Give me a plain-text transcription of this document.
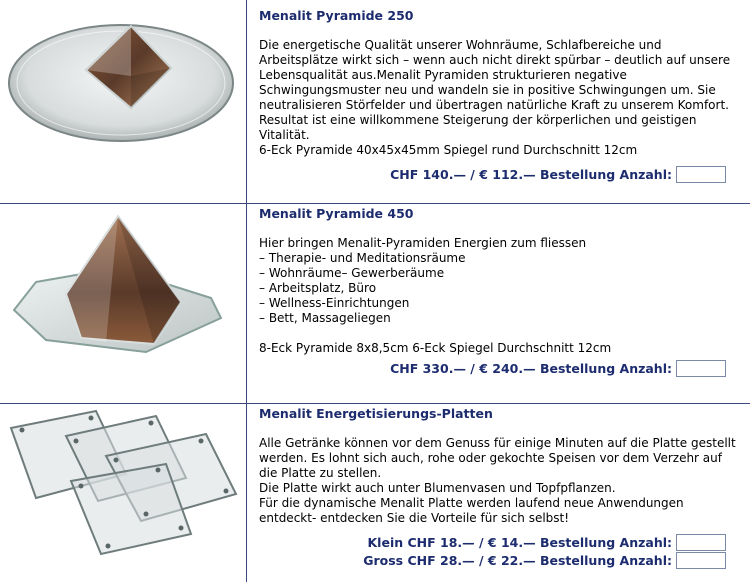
Menalit Pyramide 250

Die energetische Qualität unserer Wohnräume, Schlafbereiche und Arbeitsplätze wirkt sich – wenn auch nicht direkt spürbar – deutlich auf unsere Lebensqualität aus.Menalit Pyramiden strukturieren negative Schwingungsmuster neu und wandeln sie in positive Schwingungen um. Sie neutralisieren Störfelder und übertragen natürliche Kraft zu unserem Komfort. Resultat ist eine willkommene Steigerung der körperlichen und geistigen Vitalität.

6-Eck Pyramide 40x45x45mm Spiegel rund Durchschnitt 12cm

CHF 140.— / € 112.— Bestellung Anzahl:
Menalit Pyramide 450

Hier bringen Menalit-Pyramiden Energien zum fliessen

– Therapie- und Meditationsräume

– Wohnräume– Gewerberäume

– Arbeitsplatz, Büro

– Wellness-Einrichtungen

– Bett, Massageliegen

8-Eck Pyramide 8x8,5cm 6-Eck Spiegel Durchschnitt 12cm

CHF 330.— / € 240.— Bestellung Anzahl:
Menalit Energetisierungs-Platten

Alle Getränke können vor dem Genuss für einige Minuten auf die Platte gestellt werden. Es lohnt sich auch, rohe oder gekochte Speisen vor dem Verzehr auf die Platte zu stellen.

Die Platte wirkt auch unter Blumenvasen und Topfpflanzen.

Für die dynamische Menalit Platte werden laufend neue Anwendungen entdeckt- entdecken Sie die Vorteile für sich selbst!

Klein CHF 18.— / € 14.— Bestellung Anzahl:
Gross CHF 28.— / € 22.— Bestellung Anzahl:
